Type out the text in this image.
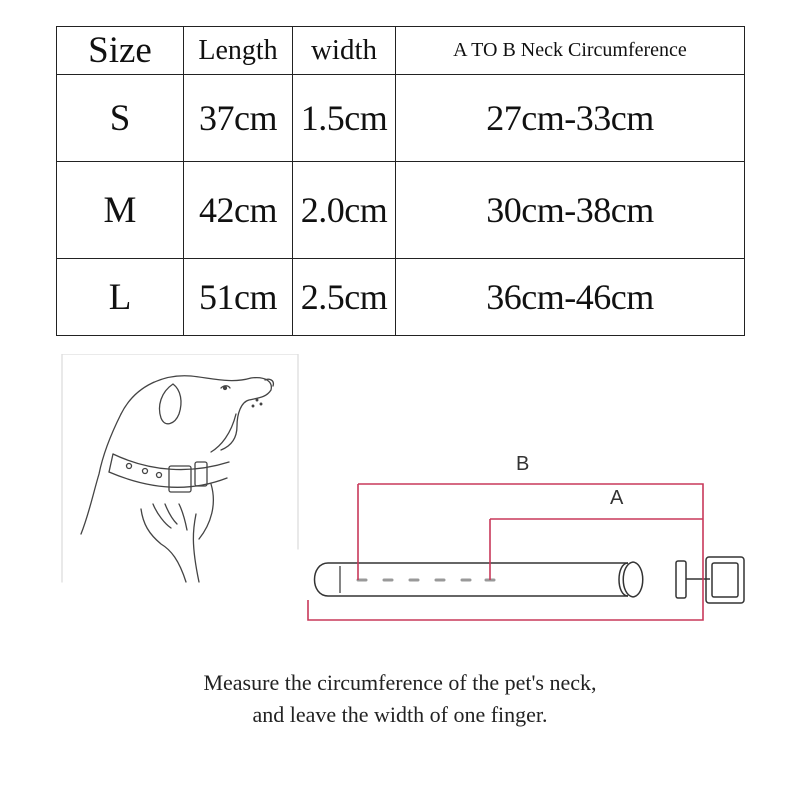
Size	Length	width	A TO B Neck Circumference
S	37cm	1.5cm	27cm-33cm
M	42cm	2.0cm	30cm-38cm
L	51cm	2.5cm	36cm-46cm
B
A
Measure the circumference of the pet's neck,
and leave the width of one finger.
